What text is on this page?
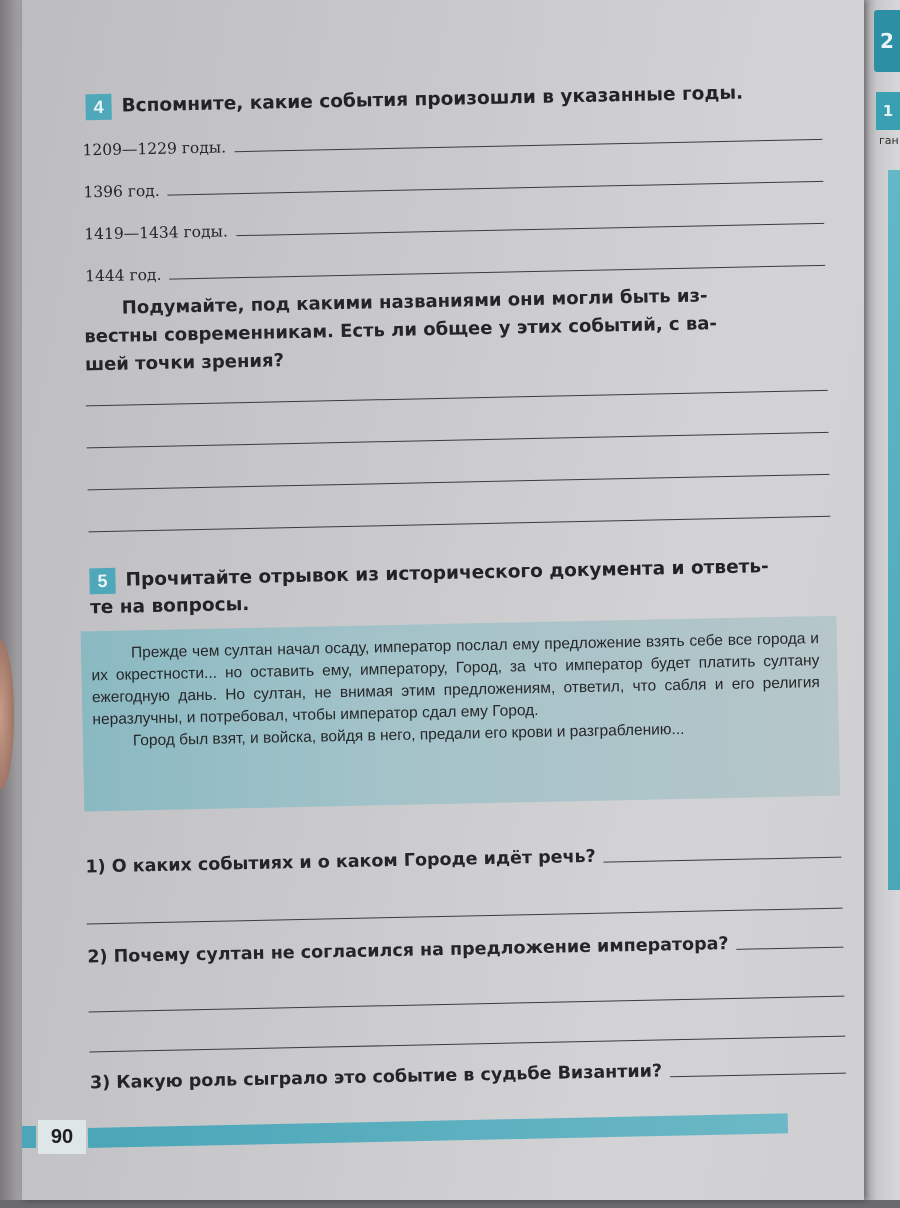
2
1
ган
4 Вспомните, какие события произошли в указанные годы.
1209—1229 годы.
1396 год.
1419—1434 годы.
1444 год.
Подумайте, под какими названиями они могли быть из-
вестны современникам. Есть ли общее у этих событий, с ва-
шей точки зрения?
5 Прочитайте отрывок из исторического документа и ответь-
те на вопросы.

Прежде чем султан начал осаду, император послал ему предложение взять себе все города и их окрестности... но оставить ему, императору, Город, за что император будет платить султану ежегодную дань. Но султан, не внимая этим предложениям, ответил, что сабля и его религия неразлучны, и потребовал, чтобы император сдал ему Город.

Город был взят, и войска, войдя в него, предали его крови и разграблению...

1) О каких событиях и о каком Городе идёт речь?
2) Почему султан не согласился на предложение императора?
3) Какую роль сыграло это событие в судьбе Византии?
90
